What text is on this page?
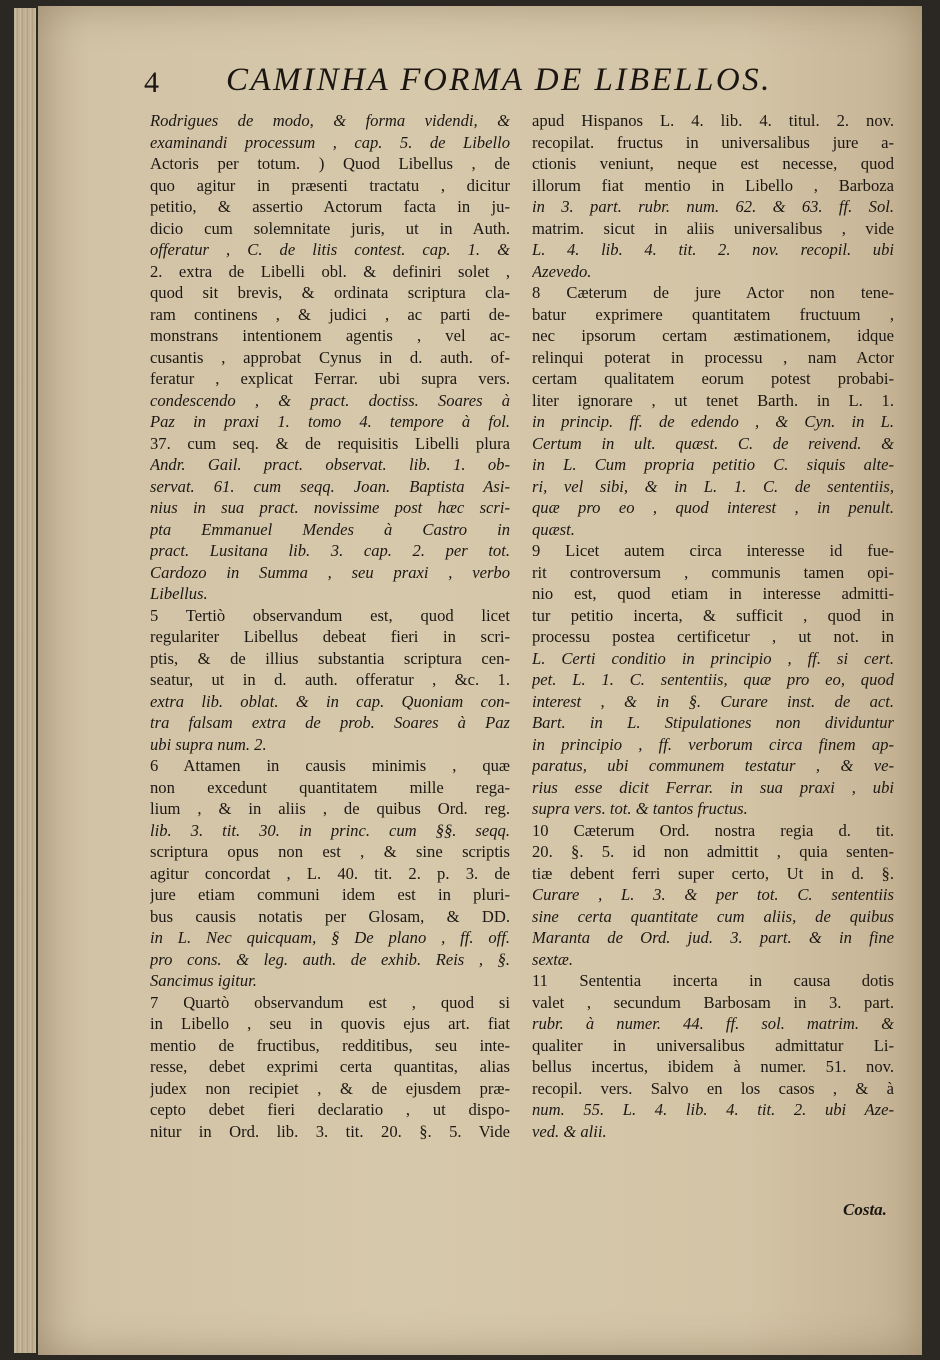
4 CAMINHA FORMA DE LIBELLOS.
Rodrigues de modo, & forma videndi, &
examinandi processum , cap. 5. de Libello
Actoris per totum. ) Quod Libellus , de
quo agitur in præsenti tractatu , dicitur
petitio, & assertio Actorum facta in ju-
dicio cum solemnitate juris, ut in Auth.
offeratur , C. de litis contest. cap. 1. &
2. extra de Libelli obl. & definiri solet ,
quod sit brevis, & ordinata scriptura cla-
ram continens , & judici , ac parti de-
monstrans intentionem agentis , vel ac-
cusantis , approbat Cynus in d. auth. of-
feratur , explicat Ferrar. ubi supra vers.
condescendo , & pract. doctiss. Soares à
Paz in praxi 1. tomo 4. tempore à fol.
37. cum seq. & de requisitis Libelli plura
Andr. Gail. pract. observat. lib. 1. ob-
servat. 61. cum seqq. Joan. Baptista Asi-
nius in sua pract. novissime post hæc scri-
pta Emmanuel Mendes à Castro in
pract. Lusitana lib. 3. cap. 2. per tot.
Cardozo in Summa , seu praxi , verbo
Libellus.
5 Tertiò observandum est, quod licet
regulariter Libellus debeat fieri in scri-
ptis, & de illius substantia scriptura cen-
seatur, ut in d. auth. offeratur , &c. 1.
extra lib. oblat. & in cap. Quoniam con-
tra falsam extra de prob. Soares à Paz
ubi supra num. 2.
6 Attamen in causis minimis , quæ
non excedunt quantitatem mille rega-
lium , & in aliis , de quibus Ord. reg.
lib. 3. tit. 30. in princ. cum §§. seqq.
scriptura opus non est , & sine scriptis
agitur concordat , L. 40. tit. 2. p. 3. de
jure etiam communi idem est in pluri-
bus causis notatis per Glosam, & DD.
in L. Nec quicquam, § De plano , ff. off.
pro cons. & leg. auth. de exhib. Reis , §.
Sancimus igitur.
7 Quartò observandum est , quod si
in Libello , seu in quovis ejus art. fiat
mentio de fructibus, redditibus, seu inte-
resse, debet exprimi certa quantitas, alias
judex non recipiet , & de ejusdem præ-
cepto debet fieri declaratio , ut dispo-
nitur in Ord. lib. 3. tit. 20. §. 5. Vide
apud Hispanos L. 4. lib. 4. titul. 2. nov.
recopilat. fructus in universalibus jure a-
ctionis veniunt, neque est necesse, quod
illorum fiat mentio in Libello , Barboza
in 3. part. rubr. num. 62. & 63. ff. Sol.
matrim. sicut in aliis universalibus , vide
L. 4. lib. 4. tit. 2. nov. recopil. ubi
Azevedo.
8 Cæterum de jure Actor non tene-
batur exprimere quantitatem fructuum ,
nec ipsorum certam æstimationem, idque
relinqui poterat in processu , nam Actor
certam qualitatem eorum potest probabi-
liter ignorare , ut tenet Barth. in L. 1.
in princip. ff. de edendo , & Cyn. in L.
Certum in ult. quæst. C. de reivend. &
in L. Cum propria petitio C. siquis alte-
ri, vel sibi, & in L. 1. C. de sententiis,
quæ pro eo , quod interest , in penult.
quæst.
9 Licet autem circa interesse id fue-
rit controversum , communis tamen opi-
nio est, quod etiam in interesse admitti-
tur petitio incerta, & sufficit , quod in
processu postea certificetur , ut not. in
L. Certi conditio in principio , ff. si cert.
pet. L. 1. C. sententiis, quæ pro eo, quod
interest , & in §. Curare inst. de act.
Bart. in L. Stipulationes non dividuntur
in principio , ff. verborum circa finem ap-
paratus, ubi communem testatur , & ve-
rius esse dicit Ferrar. in sua praxi , ubi
supra vers. tot. & tantos fructus.
10 Cæterum Ord. nostra regia d. tit.
20. §. 5. id non admittit , quia senten-
tiæ debent ferri super certo, Ut in d. §.
Curare , L. 3. & per tot. C. sententiis
sine certa quantitate cum aliis, de quibus
Maranta de Ord. jud. 3. part. & in fine
sextæ.
11 Sententia incerta in causa dotis
valet , secundum Barbosam in 3. part.
rubr. à numer. 44. ff. sol. matrim. &
qualiter in universalibus admittatur Li-
bellus incertus, ibidem à numer. 51. nov.
recopil. vers. Salvo en los casos , & à
num. 55. L. 4. lib. 4. tit. 2. ubi Aze-
ved. & alii.
Costa.
